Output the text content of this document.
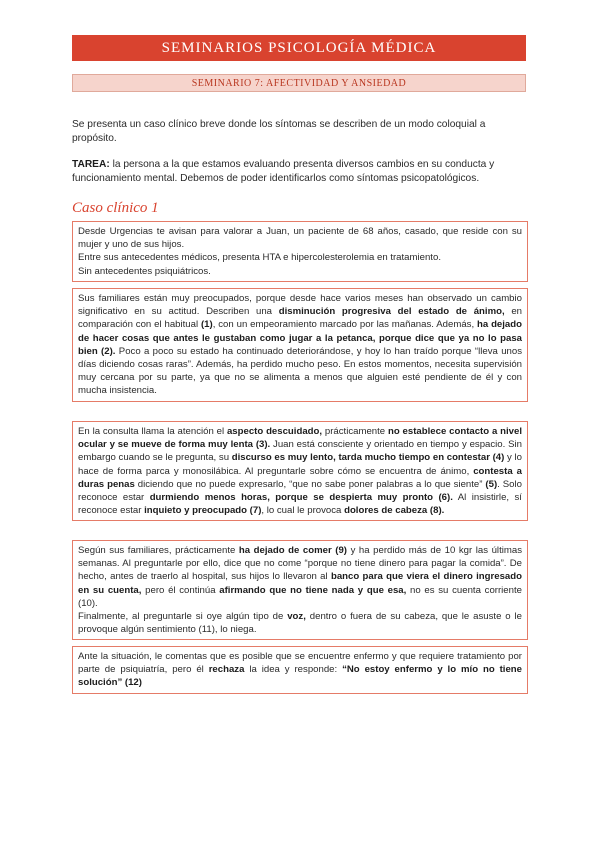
SEMINARIOS PSICOLOGÍA MÉDICA
SEMINARIO 7: AFECTIVIDAD Y ANSIEDAD
Se presenta un caso clínico breve donde los síntomas se describen de un modo coloquial a propósito.
TAREA: la persona a la que estamos evaluando presenta diversos cambios en su conducta y funcionamiento mental. Debemos de poder identificarlos como síntomas psicopatológicos.
Caso clínico 1

Desde Urgencias te avisan para valorar a Juan, un paciente de 68 años, casado, que reside con su mujer y uno de sus hijos.

Entre sus antecedentes médicos, presenta HTA e hipercolesterolemia en tratamiento.

Sin antecedentes psiquiátricos.

Sus familiares están muy preocupados, porque desde hace varios meses han observado un cambio significativo en su actitud. Describen una disminución progresiva del estado de ánimo, en comparación con el habitual (1), con un empeoramiento marcado por las mañanas. Además, ha dejado de hacer cosas que antes le gustaban como jugar a la petanca, porque dice que ya no lo pasa bien (2). Poco a poco su estado ha continuado deteriorándose, y hoy lo han traído porque “lleva unos días diciendo cosas raras”. Además, ha perdido mucho peso. En estos momentos, necesita supervisión muy cercana por su parte, ya que no se alimenta a menos que alguien esté pendiente de él y con mucha insistencia.

En la consulta llama la atención el aspecto descuidado, prácticamente no establece contacto a nivel ocular y se mueve de forma muy lenta (3). Juan está consciente y orientado en tiempo y espacio. Sin embargo cuando se le pregunta, su discurso es muy lento, tarda mucho tiempo en contestar (4) y lo hace de forma parca y monosilábica. Al preguntarle sobre cómo se encuentra de ánimo, contesta a duras penas diciendo que no puede expresarlo, “que no sabe poner palabras a lo que siente” (5). Solo reconoce estar durmiendo menos horas, porque se despierta muy pronto (6). Al insistirle, sí reconoce estar inquieto y preocupado (7), lo cual le provoca dolores de cabeza (8).

Según sus familiares, prácticamente ha dejado de comer (9) y ha perdido más de 10 kgr las últimas semanas. Al preguntarle por ello, dice que no come “porque no tiene dinero para pagar la comida”. De hecho, antes de traerlo al hospital, sus hijos lo llevaron al banco para que viera el dinero ingresado en su cuenta, pero él continúa afirmando que no tiene nada y que esa, no es su cuenta corriente (10).

Finalmente, al preguntarle si oye algún tipo de voz, dentro o fuera de su cabeza, que le asuste o le provoque algún sentimiento (11), lo niega.

Ante la situación, le comentas que es posible que se encuentre enfermo y que requiere tratamiento por parte de psiquiatría, pero él rechaza la idea y responde: “No estoy enfermo y lo mío no tiene solución” (12)
